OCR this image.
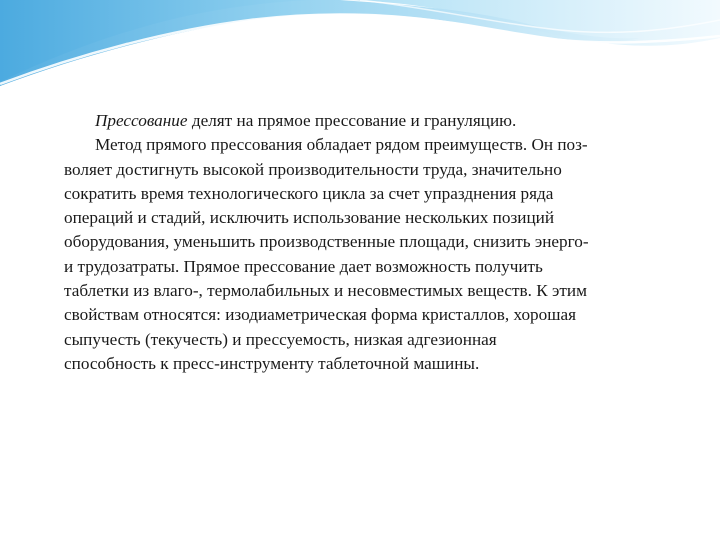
Прессование делят на прямое прессование и грануляцию.

Метод прямого прессования обладает рядом преимуществ. Он поз-
воляет достигнуть высокой производительности труда, значительно
сократить время технологического цикла за счет упразднения ряда
операций и стадий, исключить использование нескольких позиций
оборудования, уменьшить производственные площади, снизить энерго-
и трудозатраты. Прямое прессование дает возможность получить
таблетки из влаго-, термолабильных и несовместимых веществ. К этим
свойствам относятся: изодиаметрическая форма кристаллов, хорошая
сыпучесть (текучесть) и прессуемость, низкая адгезионная
способность к пресс-инструменту таблеточной машины.
